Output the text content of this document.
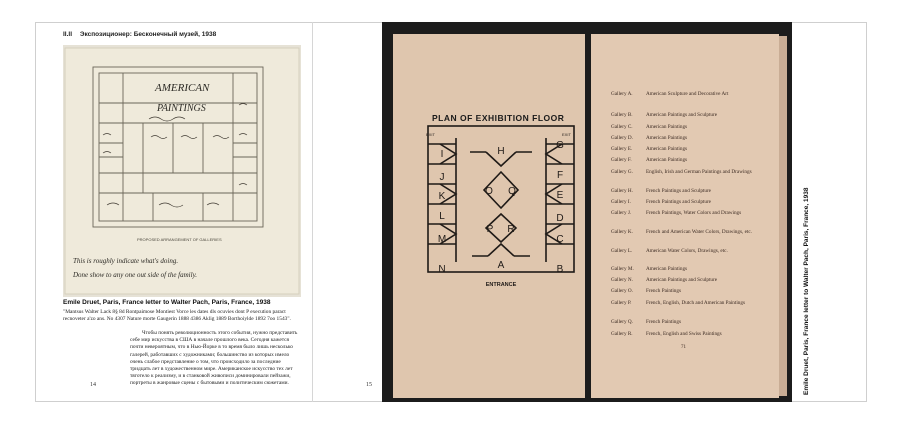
II.II Экспозиционер: Бесконечный музей, 1938
AMERICAN
PAINTINGS
PROPOSED ARRANGEMENT OF GALLERIES
This is roughly indicate what's doing.
Done show to any one out side of the family.
Emile Druet, Paris, France letter to Walter Pach, Paris, France, 1938
"Mantsus Walter Lack 8§ 8d Rontpaimose Montiest Vorce les dates dls ocuvies dont P execution paract recnoveter a'zo ans. No 4307 Nature morte Gaugerin 1888 4386 Aklig 1889 Borthoiylde 1892 7oo 1543".
Чтобы понять революционность этого события, нужно представить себе мир искусства в США в начале прошлого века. Сегодня кажется почти невероятным, что в Нью-Йорке в то время было лишь несколько галерей, работавших с художниками; большинство из которых имело очень слабое представление о том, что происходило за последние тридцать лет в художественном мире. Американское искусство тех лет тяготело к реализму, и в станковой живописи доминировали пейзажи, портреты в жанровые сцены с бытовыми и политическим сюжетами.
14	15
PLAN OF EXHIBITION FLOOR
EXIT	EXIT
I
J
K
L
M
N
H
O
P
Q
R
A
G
F
E
D
C
B
ENTRANCE
Gallery A.	American Sculpture and Decorative Art
Gallery B.	American Paintings and Sculpture
Gallery C.	American Paintings
Gallery D.	American Paintings
Gallery E.	American Paintings
Gallery F.	American Paintings
Gallery G.	English, Irish and German Paintings and Drawings
Gallery H.	French Paintings and Sculpture
Gallery I.	French Paintings and Sculpture
Gallery J.	French Paintings, Water Colors and Drawings
Gallery K.	French and American Water Colors, Drawings, etc.
Gallery L.	American Water Colors, Drawings, etc.
Gallery M.	American Paintings
Gallery N.	American Paintings and Sculpture
Gallery O.	French Paintings
Gallery P.	French, English, Dutch and American Paintings
Gallery Q.	French Paintings
Gallery R.	French, English and Swiss Paintings
71	Emile Druet, Paris, France letter to Walter Pach, Paris, France, 1938
